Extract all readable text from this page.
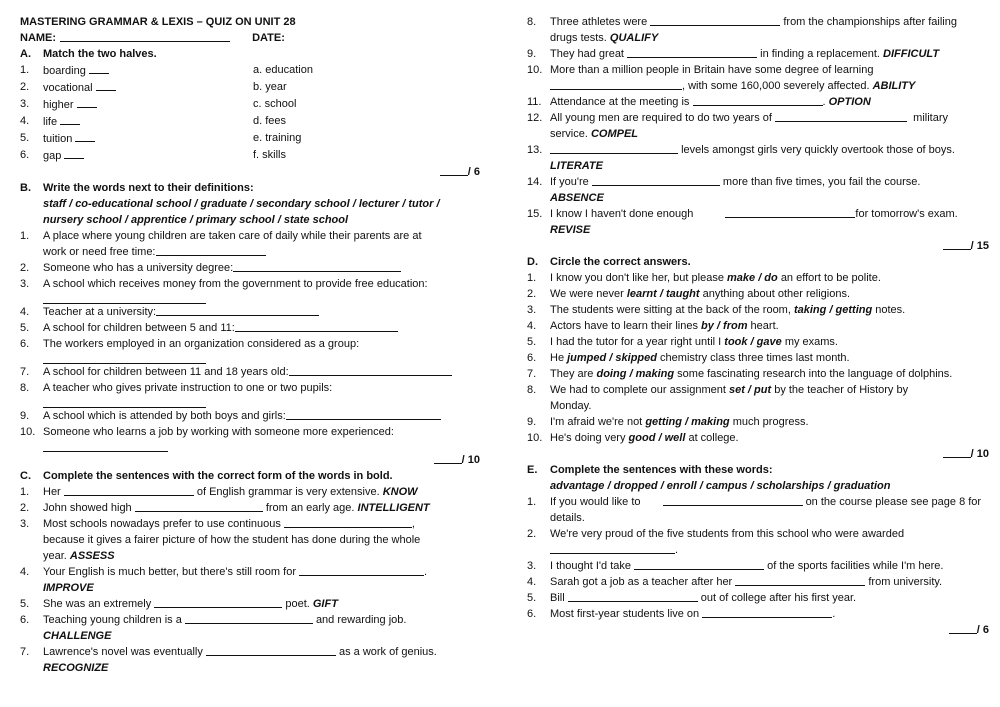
MASTERING GRAMMAR & LEXIS – QUIZ ON UNIT 28
NAME:	DATE:
A.	Match the two halves.
1.	boarding	a. education
2.	vocational	b. year
3.	higher	c. school
4.	life	d. fees
5.	tuition	e. training
6.	gap	f. skills
/ 6
B.	Write the words next to their definitions:
staff / co-educational school / graduate / secondary school / lecturer / tutor /
nursery school / apprentice / primary school / state school
1.	A place where young children are taken care of daily while their parents are at
work or need free time:
2.	Someone who has a university degree:
3.	A school which receives money from the government to provide free education:
4.	Teacher at a university:
5.	A school for children between 5 and 11:
6.	The workers employed in an organization considered as a group:
7.	A school for children between 11 and 18 years old:
8.	A teacher who gives private instruction to one or two pupils:
9.	A school which is attended by both boys and girls:
10. Someone who learns a job by working with someone more experienced:
/ 10
C.	Complete the sentences with the correct form of the words in bold.
1.	Her

	of English grammar is very extensive.
KNOW
2.	John showed high

	from an early age.
INTELLIGENT
3.	Most schools nowadays prefer to use continuous
	,
because it gives a fairer picture of how the student has done during the whole
year.
ASSESS
4.	Your English is much better, but there's still room for
	.
IMPROVE
5.	She was an extremely

	poet.
GIFT
6.	Teaching young children is a

	and rewarding job.
CHALLENGE
7.	Lawrence's novel was eventually

	as a work of genius.
RECOGNIZE
8.	Three athletes were

	from the championships after failing
drugs tests.
QUALIFY
9.	They had great

	in finding a replacement.
DIFFICULT
10. More than a million people in Britain have some degree of learning
, with some 160,000 severely affected.
ABILITY
11. Attendance at the meeting is
	.
OPTION
12. All young men are required to do two years of

	military
service.
COMPEL
13.
	levels amongst girls very quickly overtook those of boys.
LITERATE
14. If you're

	more than five times, you fail the course.
ABSENCE
15. I know I haven't done enough	for tomorrow's exam.
REVISE
/ 15
D.	Circle the correct answers.
1.	I know you don't like her, but please
make / do
an effort to be polite.
2.	We were never
learnt / taught
anything about other religions.
3.	The students were sitting at the back of the room,
taking / getting
notes.
4.	Actors have to learn their lines
by / from
heart.
5.	I had the tutor for a year right until I
took / gave
my exams.
6.	He
jumped / skipped
chemistry class three times last month.
7.	They are
doing / making
some fascinating research into the language of dolphins.
8.	We had to complete our assignment
set / put
by the teacher of History by
Monday.
9.	I'm afraid we're not
getting / making
much progress.
10. He's doing very
good / well
at college.
/ 10
E.	Complete the sentences with these words:
advantage / dropped / enroll / campus / scholarships / graduation
1.	If you would like to
	on the course please see page 8 for
details.
2.	We're very proud of the five students from this school who were awarded
.
3.	I thought I'd take

	of the sports facilities while I'm here.
4.	Sarah got a job as a teacher after her

	from university.
5.	Bill

	out of college after his first year.
6.	Most first-year students live on
	.
/ 6
